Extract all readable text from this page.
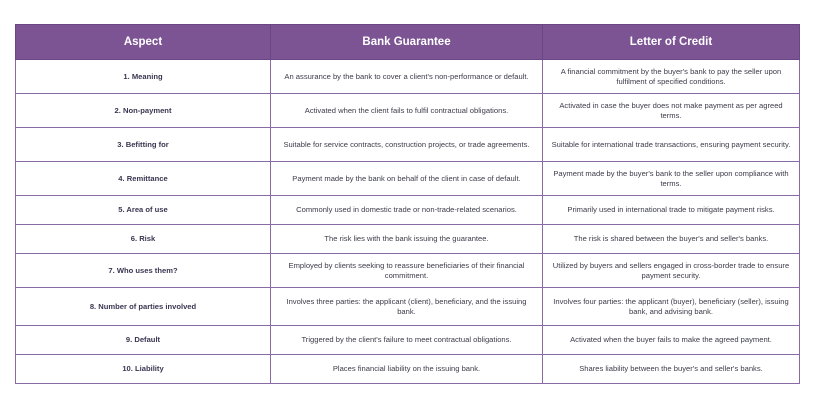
Aspect	Bank Guarantee	Letter of Credit
1. Meaning	An assurance by the bank to cover a client's non-performance or default.	A financial commitment by the buyer's bank to pay the seller upon fulfilment of specified conditions.
2. Non-payment	Activated when the client fails to fulfil contractual obligations.	Activated in case the buyer does not make payment as per agreed terms.
3. Befitting for	Suitable for service contracts, construction projects, or trade agreements.	Suitable for international trade transactions, ensuring payment security.
4. Remittance	Payment made by the bank on behalf of the client in case of default.	Payment made by the buyer's bank to the seller upon compliance with terms.
5. Area of use	Commonly used in domestic trade or non-trade-related scenarios.	Primarily used in international trade to mitigate payment risks.
6. Risk	The risk lies with the bank issuing the guarantee.	The risk is shared between the buyer's and seller's banks.
7. Who uses them?	Employed by clients seeking to reassure beneficiaries of their financial commitment.	Utilized by buyers and sellers engaged in cross-border trade to ensure payment security.
8. Number of parties involved	Involves three parties: the applicant (client), beneficiary, and the issuing bank.	Involves four parties: the applicant (buyer), beneficiary (seller), issuing bank, and advising bank.
9. Default	Triggered by the client's failure to meet contractual obligations.	Activated when the buyer fails to make the agreed payment.
10. Liability	Places financial liability on the issuing bank.	Shares liability between the buyer's and seller's banks.
